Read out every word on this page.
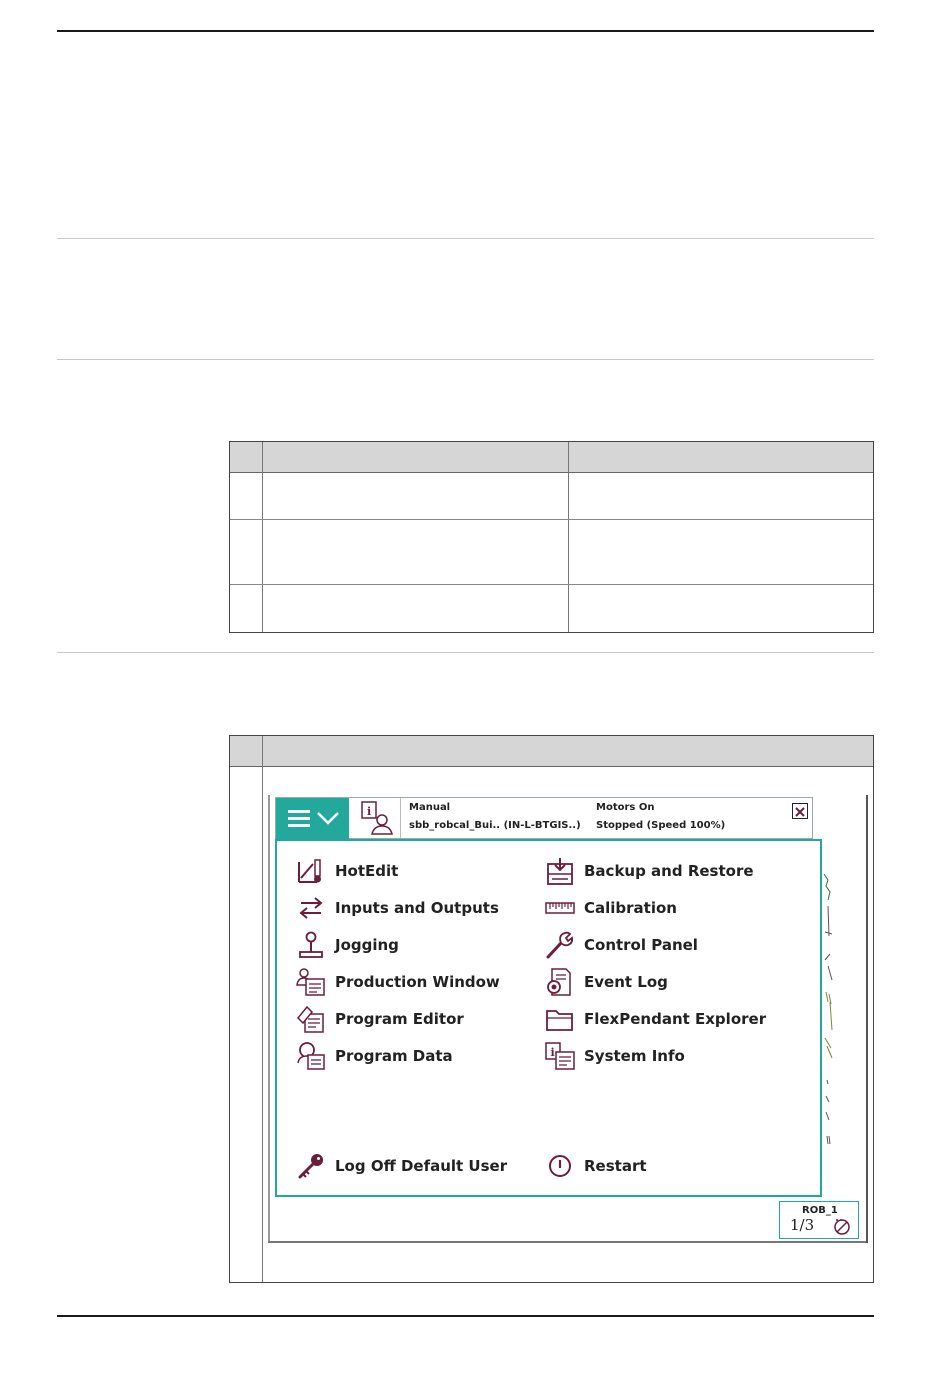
i	Manual
sbb_robcal_Bui.. (IN-L-BTGIS..)
Motors On
Stopped (Speed 100%)
HotEdit
Inputs and Outputs
Jogging
Production Window
Program Editor
Program Data
Backup and Restore
Calibration
Control Panel
Event Log
FlexPendant Explorer
i System Info
Log Off Default User	Restart
ROB_1
1/3
